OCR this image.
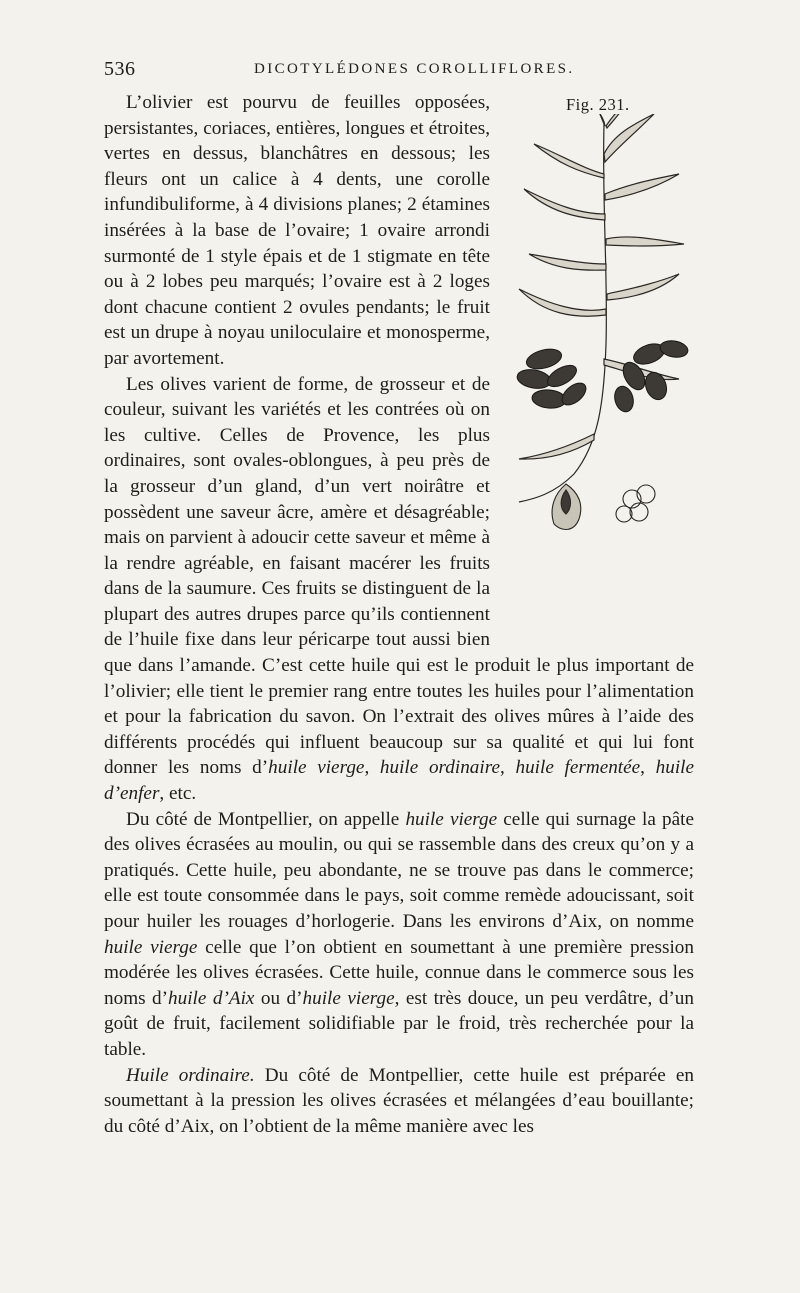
536	DICOTYLÉDONES COROLLIFLORES.
Fig. 231.

L’olivier est pourvu de feuilles opposées, persistantes, coriaces, entières, longues et étroites, vertes en dessus, blanchâtres en dessous; les fleurs ont un calice à 4 dents, une corolle infundibuliforme, à 4 divisions planes; 2 étamines insérées à la base de l’ovaire; 1 ovaire arrondi surmonté de 1 style épais et de 1 stigmate en tête ou à 2 lobes peu marqués; l’ovaire est à 2 loges dont chacune contient 2 ovules pendants; le fruit est un drupe à noyau uniloculaire et monosperme, par avortement.

Les olives varient de forme, de grosseur et de couleur, suivant les variétés et les contrées où on les cultive. Celles de Provence, les plus ordinaires, sont ovales-oblongues, à peu près de la grosseur d’un gland, d’un vert noirâtre et possèdent une saveur âcre, amère et désagréable; mais on parvient à adoucir cette saveur et même à la rendre agréable, en faisant macérer les fruits dans de la saumure. Ces fruits se distinguent de la plupart des autres drupes parce qu’ils contiennent de l’huile fixe dans leur péricarpe tout aussi bien que dans l’amande. C’est cette huile qui est le produit le plus important de l’olivier; elle tient le premier rang entre toutes les huiles pour l’alimentation et pour la fabrication du savon. On l’extrait des olives mûres à l’aide des différents procédés qui influent beaucoup sur sa qualité et qui lui font donner les noms d’huile vierge, huile ordinaire, huile fermentée, huile d’enfer, etc.

Du côté de Montpellier, on appelle huile vierge celle qui surnage la pâte des olives écrasées au moulin, ou qui se rassemble dans des creux qu’on y a pratiqués. Cette huile, peu abondante, ne se trouve pas dans le commerce; elle est toute consommée dans le pays, soit comme remède adoucissant, soit pour huiler les rouages d’horlogerie. Dans les environs d’Aix, on nomme huile vierge celle que l’on obtient en soumettant à une première pression modérée les olives écrasées. Cette huile, connue dans le commerce sous les noms d’huile d’Aix ou d’huile vierge, est très douce, un peu verdâtre, d’un goût de fruit, facilement solidifiable par le froid, très recherchée pour la table.

Huile ordinaire. Du côté de Montpellier, cette huile est préparée en soumettant à la pression les olives écrasées et mélangées d’eau bouillante; du côté d’Aix, on l’obtient de la même manière avec les
